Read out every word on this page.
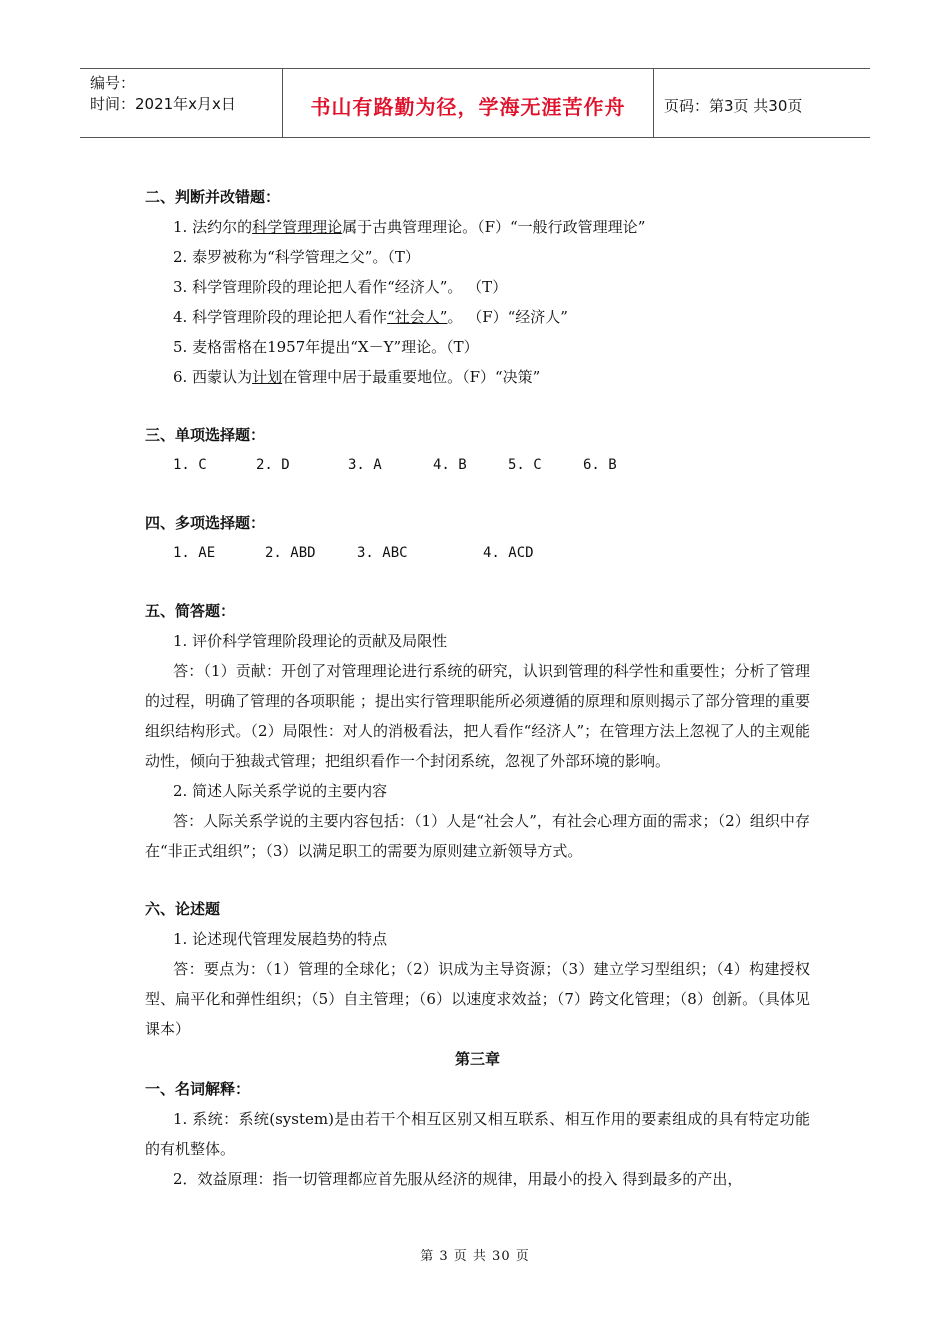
编号：
时间：2021年x月x日	书山有路勤为径，学海无涯苦作舟	页码：第3页 共30页
二、判断并改错题：
1. 法约尔的科学管理理论属于古典管理理论。（F）“一般行政管理理论”
2. 泰罗被称为“科学管理之父”。（T）
3. 科学管理阶段的理论把人看作“经济人”。 （T）
4. 科学管理阶段的理论把人看作“社会人”。 （F）“经济人”
5. 麦格雷格在1957年提出“X－Y”理论。（T）
6. 西蒙认为计划在管理中居于最重要地位。（F）“决策”
三、单项选择题：
1. C	2. D	3. A	4. B	5. C	6. B
四、多项选择题：
1. AE	2. ABD	3. ABC	4. ACD
五、简答题：
1. 评价科学管理阶段理论的贡献及局限性
答：（1）贡献：开创了对管理理论进行系统的研究，认识到管理的科学性和重要性；分析了管理的过程，明确了管理的各项职能 ；提出实行管理职能所必须遵循的原理和原则揭示了部分管理的重要组织结构形式。（2）局限性：对人的消极看法，把人看作“经济人”；在管理方法上忽视了人的主观能动性，倾向于独裁式管理；把组织看作一个封闭系统，忽视了外部环境的影响。
2. 简述人际关系学说的主要内容
答：人际关系学说的主要内容包括：（1）人是“社会人”，有社会心理方面的需求；（2）组织中存在“非正式组织”；（3）以满足职工的需要为原则建立新领导方式。
六、论述题
1. 论述现代管理发展趋势的特点
答：要点为：（1）管理的全球化；（2）识成为主导资源；（3）建立学习型组织；（4）构建授权型、扁平化和弹性组织；（5）自主管理；（6）以速度求效益；（7）跨文化管理；（8）创新。（具体见课本）
第三章
一、名词解释：
1. 系统：系统(system)是由若干个相互区别又相互联系、相互作用的要素组成的具有特定功能的有机整体。
2．效益原理：指一切管理都应首先服从经济的规律，用最小的投入 得到最多的产出，
第 3 页 共 30 页
